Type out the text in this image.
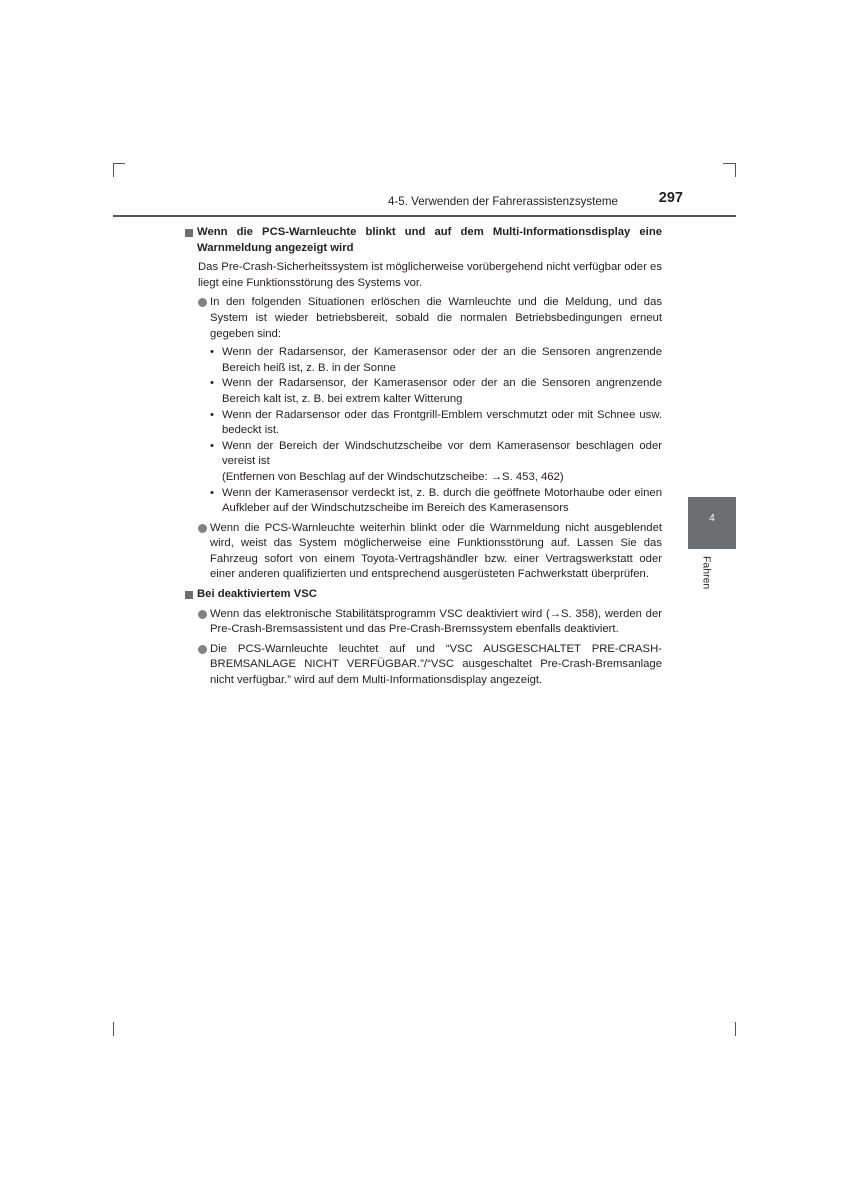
4-5. Verwenden der Fahrerassistenzsysteme	297
4
Fahren
Wenn die PCS-Warnleuchte blinkt und auf dem Multi-Informationsdisplay eine Warnmeldung angezeigt wird
Das Pre-Crash-Sicherheitssystem ist möglicherweise vorübergehend nicht verfügbar oder es liegt eine Funktionsstörung des Systems vor.
In den folgenden Situationen erlöschen die Warnleuchte und die Meldung, und das System ist wieder betriebsbereit, sobald die normalen Betriebsbedingungen erneut gegeben sind:
• Wenn der Radarsensor, der Kamerasensor oder der an die Sensoren angrenzende Bereich heiß ist, z. B. in der Sonne
• Wenn der Radarsensor, der Kamerasensor oder der an die Sensoren angrenzende Bereich kalt ist, z. B. bei extrem kalter Witterung
• Wenn der Radarsensor oder das Frontgrill-Emblem verschmutzt oder mit Schnee usw. bedeckt ist.
• Wenn der Bereich der Windschutzscheibe vor dem Kamerasensor beschlagen oder vereist ist
(Entfernen von Beschlag auf der Windschutzscheibe: →S. 453, 462)
• Wenn der Kamerasensor verdeckt ist, z. B. durch die geöffnete Motorhaube oder einen Aufkleber auf der Windschutzscheibe im Bereich des Kamerasensors
Wenn die PCS-Warnleuchte weiterhin blinkt oder die Warnmeldung nicht ausgeblendet wird, weist das System möglicherweise eine Funktionsstörung auf. Lassen Sie das Fahrzeug sofort von einem Toyota-Vertragshändler bzw. einer Vertragswerkstatt oder einer anderen qualifizierten und entsprechend ausgerüsteten Fachwerkstatt überprüfen.
Bei deaktiviertem VSC
Wenn das elektronische Stabilitätsprogramm VSC deaktiviert wird (→S. 358), werden der Pre-Crash-Bremsassistent und das Pre-Crash-Bremssystem ebenfalls deaktiviert.
Die PCS-Warnleuchte leuchtet auf und “VSC AUSGESCHALTET PRE-CRASH-BREMSANLAGE NICHT VERFÜGBAR.”/“VSC ausgeschaltet Pre-Crash-Bremsanlage nicht verfügbar.” wird auf dem Multi-Informationsdisplay angezeigt.
